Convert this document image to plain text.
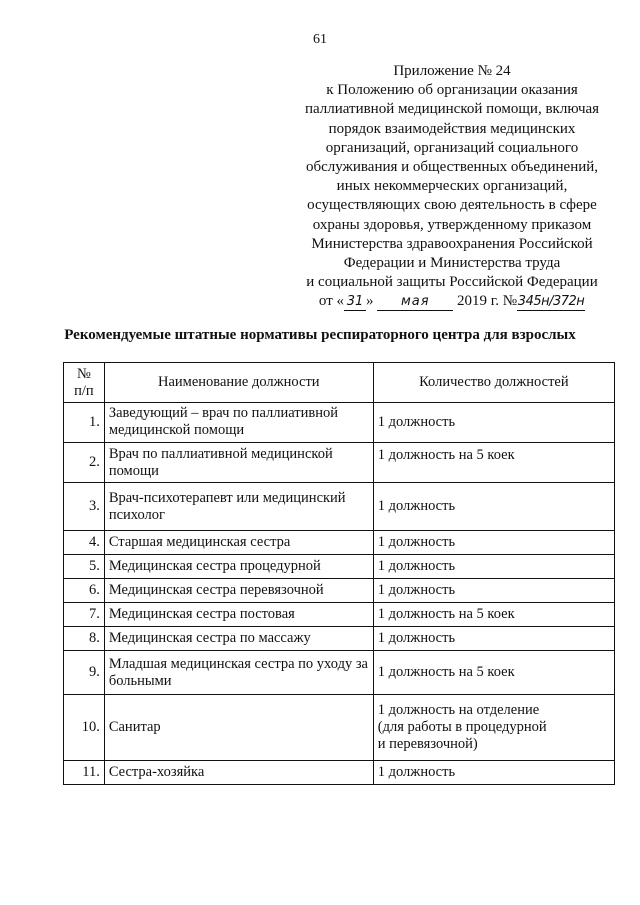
61
Приложение № 24
к Положению об организации оказания
паллиативной медицинской помощи, включая
порядок взаимодействия медицинских
организаций, организаций социального
обслуживания и общественных объединений,
иных некоммерческих организаций,
осуществляющих свою деятельность в сфере
охраны здоровья, утвержденному приказом
Министерства здравоохранения Российской
Федерации и Министерства труда
и социальной защиты Российской Федерации
от « 31 » мая 2019 г. №345н/372н
Рекомендуемые штатные нормативы респираторного центра для взрослых
№
п/п	Наименование должности	Количество должностей
1.	Заведующий – врач по паллиативной медицинской помощи	1 должность
2.	Врач по паллиативной медицинской помощи	1 должность на 5 коек
3.	Врач-психотерапевт или медицинский психолог	1 должность
4.	Старшая медицинская сестра	1 должность
5.	Медицинская сестра процедурной	1 должность
6.	Медицинская сестра перевязочной	1 должность
7.	Медицинская сестра постовая	1 должность на 5 коек
8.	Медицинская сестра по массажу	1 должность
9.	Младшая медицинская сестра по уходу за больными	1 должность на 5 коек
10.	Санитар	1 должность на отделение
(для работы в процедурной
и перевязочной)
11.	Сестра-хозяйка	1 должность
